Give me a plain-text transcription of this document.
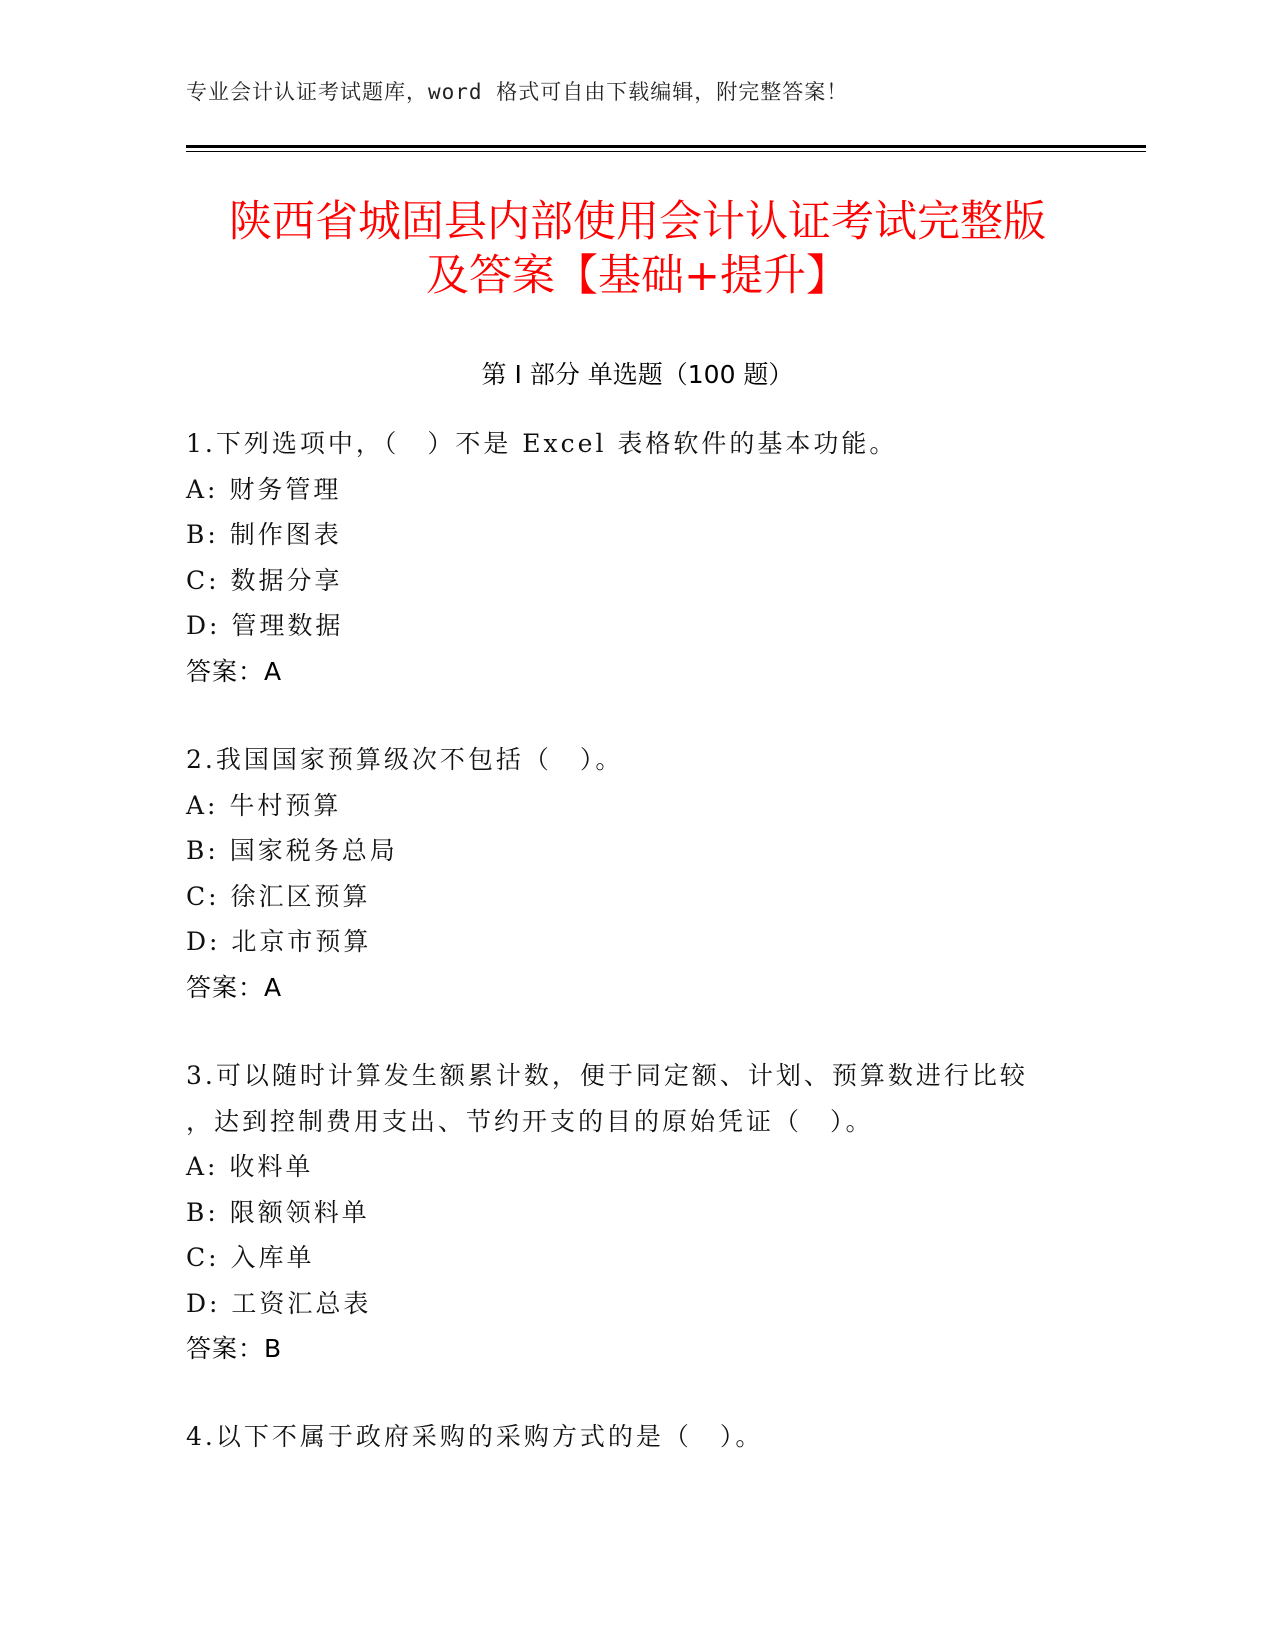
专业会计认证考试题库，word 格式可自由下载编辑，附完整答案！
陕西省城固县内部使用会计认证考试完整版
及答案【基础+提升】
第 I 部分 单选题（100 题）
1.下列选项中，（　）不是 Excel 表格软件的基本功能。
A: 财务管理
B: 制作图表
C: 数据分享
D: 管理数据
答案：A
2.我国国家预算级次不包括（　）。
A: 牛村预算
B: 国家税务总局
C: 徐汇区预算
D: 北京市预算
答案：A
3.可以随时计算发生额累计数，便于同定额、计划、预算数进行比较
，达到控制费用支出、节约开支的目的原始凭证（　）。
A: 收料单
B: 限额领料单
C: 入库单
D: 工资汇总表
答案：B
4.以下不属于政府采购的采购方式的是（　）。
